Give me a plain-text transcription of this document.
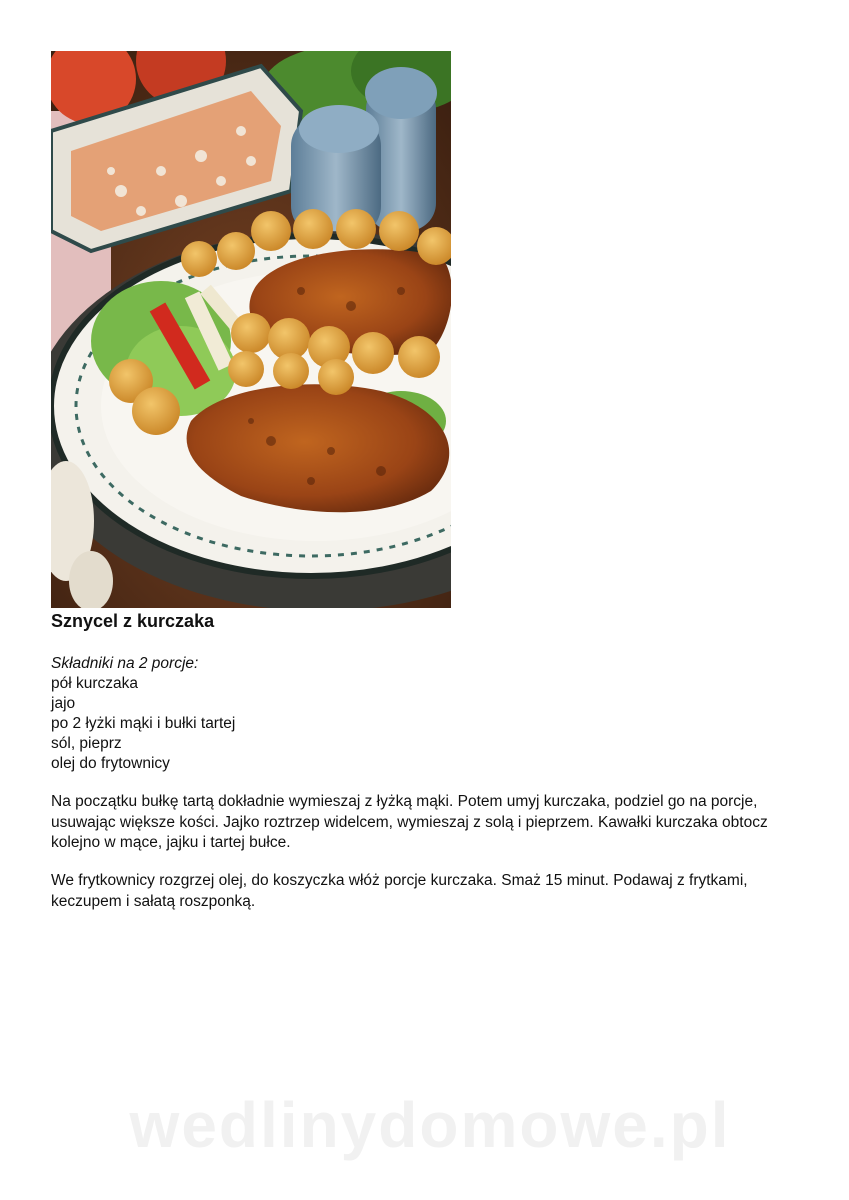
Sznycel z kurczaka
Składniki na 2 porcje:
pół kurczaka
jajo
po 2 łyżki mąki i bułki tartej
sól, pieprz
olej do frytownicy

Na początku bułkę tartą dokładnie wymieszaj z łyżką mąki. Potem umyj kurczaka, podziel go na porcje, usuwając większe kości. Jajko roztrzep widelcem, wymieszaj z solą i pieprzem. Kawałki kurczaka obtocz kolejno w mące, jajku i tartej bułce.

We frytkownicy rozgrzej olej, do koszyczka włóż porcje kurczaka. Smaż 15 minut. Podawaj z frytkami, keczupem i sałatą roszponką.

wedlinydomowe.pl
